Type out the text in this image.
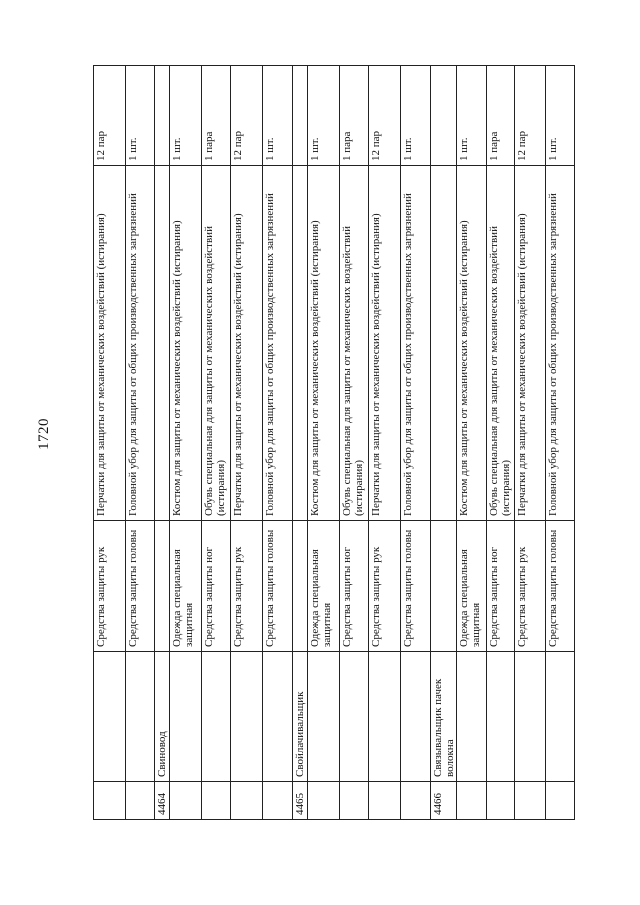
1720
		Средства защиты рук	Перчатки для защиты от механических воздействий (истирания)	12 пар
		Средства защиты головы	Головной убор для защиты от общих производственных загрязнений	1 шт.
4464	Свиновод			
		Одежда специальная защитная	Костюм для защиты от механических воздействий (истирания)	1 шт.
		Средства защиты ног	Обувь специальная для защиты от механических воздействий (истирания)	1 пара
		Средства защиты рук	Перчатки для защиты от механических воздействий (истирания)	12 пар
		Средства защиты головы	Головной убор для защиты от общих производственных загрязнений	1 шт.
4465	Свойлачивальщик			
		Одежда специальная защитная	Костюм для защиты от механических воздействий (истирания)	1 шт.
		Средства защиты ног	Обувь специальная для защиты от механических воздействий (истирания)	1 пара
		Средства защиты рук	Перчатки для защиты от механических воздействий (истирания)	12 пар
		Средства защиты головы	Головной убор для защиты от общих производственных загрязнений	1 шт.
4466	Связывальщик пачек волокна			
		Одежда специальная защитная	Костюм для защиты от механических воздействий (истирания)	1 шт.
		Средства защиты ног	Обувь специальная для защиты от механических воздействий (истирания)	1 пара
		Средства защиты рук	Перчатки для защиты от механических воздействий (истирания)	12 пар
		Средства защиты головы	Головной убор для защиты от общих производственных загрязнений	1 шт.
